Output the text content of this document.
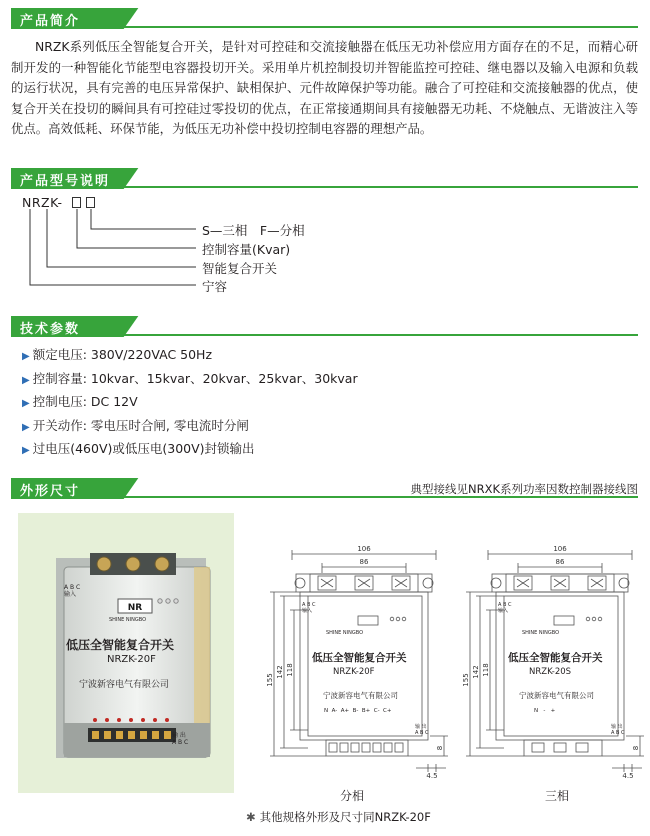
产品简介

NRZK系列低压全智能复合开关，是针对可控硅和交流接触器在低压无功补偿应用方面存在的不足，而精心研制开发的一种智能化节能型电容器投切开关。采用单片机控制投切并智能监控可控硅、继电器以及输入电源和负载的运行状况，具有完善的电压异常保护、缺相保护、元件故障保护等功能。融合了可控硅和交流接触器的优点，使复合开关在投切的瞬间具有可控硅过零投切的优点，在正常接通期间具有接触器无功耗、不烧触点、无谐波注入等优点。高效低耗、环保节能，为低压无功补偿中投切控制电容器的理想产品。

产品型号说明
NRZK-
S—三相　F—分相
控制容量(Kvar)
智能复合开关
宁容
技术参数
▶ 额定电压: 380V/220VAC 50Hz
▶ 控制容量: 10kvar、15kvar、20kvar、25kvar、30kvar
▶ 控制电压: DC 12V
▶ 开关动作: 零电压时合闸, 零电流时分闸
▶ 过电压(460V)或低压电(300V)封锁输出
外形尺寸	典型接线见NRXK系列功率因数控制器接线图
NR
A B C
输入
SHINE NINGBO
低压全智能复合开关
NRZK-20F
宁波新容电气有限公司
输 出
A B C
106
86
155
142 118
8
4.5
A B C
输入
SHINE NINGBO
低压全智能复合开关
NRZK-20F
宁波新容电气有限公司
N  A-  A+  B-  B+  C-  C+
输 出
A B C
分相
106
86
155
142 118
8
4.5
A B C
输入
SHINE NINGBO
低压全智能复合开关
NRZK-20S
宁波新容电气有限公司
N   -   +
输 出
A B C
三相
✱ 其他规格外形及尺寸同NRZK-20F
